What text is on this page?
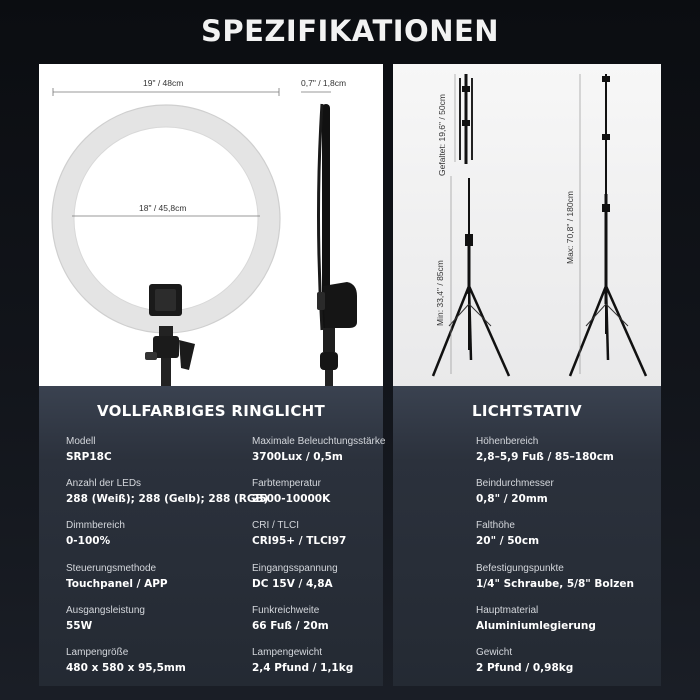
SPEZIFIKATIONEN
19" / 48cm
18" / 45,8cm
0,7" / 1,8cm
Gefaltet: 19,6" / 50cm
Min: 33,4" / 85cm
Max: 70,8" / 180cm
VOLLFARBIGES RINGLICHT
Modell
SRP18C
Anzahl der LEDs
288 (Weiß); 288 (Gelb); 288 (RGB)
Dimmbereich
0-100%
Steuerungsmethode
Touchpanel / APP
Ausgangsleistung
55W
Lampengröße
480 x 580 x 95,5mm
Maximale Beleuchtungsstärke
3700Lux / 0,5m
Farbtemperatur
2500-10000K
CRI / TLCI
CRI95+ / TLCI97
Eingangsspannung
DC 15V / 4,8A
Funkreichweite
66 Fuß / 20m
Lampengewicht
2,4 Pfund / 1,1kg
LICHTSTATIV
Höhenbereich
2,8–5,9 Fuß / 85–180cm
Beindurchmesser
0,8" / 20mm
Falthöhe
20" / 50cm
Befestigungspunkte
1/4" Schraube, 5/8" Bolzen
Hauptmaterial
Aluminiumlegierung
Gewicht
2 Pfund / 0,98kg
